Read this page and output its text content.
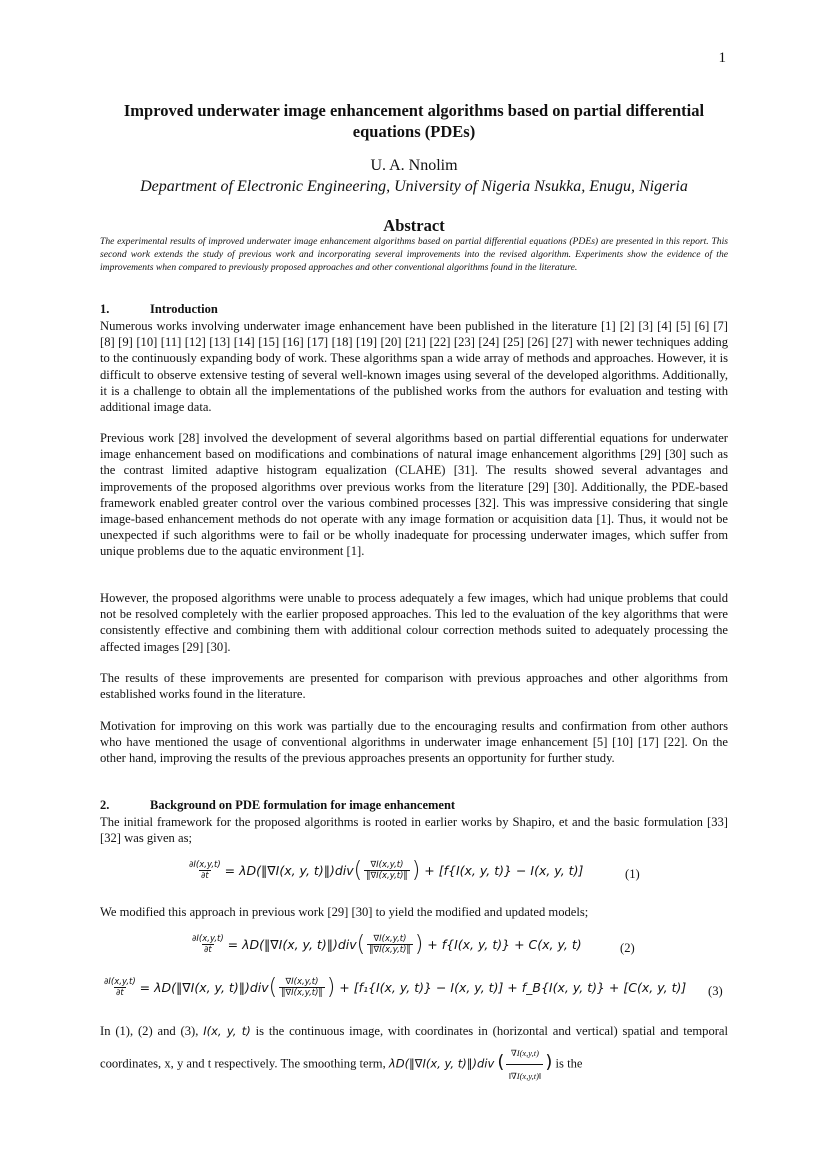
1
Improved underwater image enhancement algorithms based on partial differential equations (PDEs)
U. A. Nnolim
Department of Electronic Engineering, University of Nigeria Nsukka, Enugu, Nigeria
Abstract
The experimental results of improved underwater image enhancement algorithms based on partial differential equations (PDEs) are presented in this report. This second work extends the study of previous work and incorporating several improvements into the revised algorithm. Experiments show the evidence of the improvements when compared to previously proposed approaches and other conventional algorithms found in the literature.
1.	Introduction
Numerous works involving underwater image enhancement have been published in the literature [1] [2] [3] [4] [5] [6] [7] [8] [9] [10] [11] [12] [13] [14] [15] [16] [17] [18] [19] [20] [21] [22] [23] [24] [25] [26] [27] with newer techniques adding to the continuously expanding body of work. These algorithms span a wide array of methods and approaches. However, it is difficult to observe extensive testing of several well-known images using several of the developed algorithms. Additionally, it is a challenge to obtain all the implementations of the published works from the authors for evaluation and testing with additional image data.
Previous work [28] involved the development of several algorithms based on partial differential equations for underwater image enhancement based on modifications and combinations of natural image enhancement algorithms [29] [30] such as the contrast limited adaptive histogram equalization (CLAHE) [31]. The results showed several advantages and improvements of the proposed algorithms over previous works from the literature [29] [30]. Additionally, the PDE-based framework enabled greater control over the various combined processes [32]. This was impressive considering that single image-based enhancement methods do not operate with any image formation or acquisition data [1]. Thus, it would not be unexpected if such algorithms were to fail or be wholly inadequate for processing underwater images, which suffer from unique problems due to the aquatic environment [1].
However, the proposed algorithms were unable to process adequately a few images, which had unique problems that could not be resolved completely with the earlier proposed approaches. This led to the evaluation of the key algorithms that were consistently effective and combining them with additional colour correction methods suited to adequately processing the affected images [29] [30].
The results of these improvements are presented for comparison with previous approaches and other algorithms from established works found in the literature.
Motivation for improving on this work was partially due to the encouraging results and confirmation from other authors who have mentioned the usage of conventional algorithms in underwater image enhancement [5] [10] [17] [22]. On the other hand, improving the results of the previous approaches presents an opportunity for further study.
2.	Background on PDE formulation for image enhancement
The initial framework for the proposed algorithms is rooted in earlier works by Shapiro, et and the basic formulation [33] [32] was given as;
$\frac{\partial I(x,y,t)}{\partial t}$ = λD(‖∇I(x, y, t)‖)div ( $\frac{\nabla I(x,y,t)}{‖\nabla I(x,y,t)‖}$ ) + [f{I(x, y, t)} − I(x, y, t)]	(1)
We modified this approach in previous work [29] [30] to yield the modified and updated models;
$\frac{\partial I(x,y,t)}{\partial t}$ = λD(‖∇I(x, y, t)‖)div ( $\frac{\nabla I(x,y,t)}{‖\nabla I(x,y,t)‖}$ ) + f{I(x, y, t)} + C(x, y, t)	(2)
$\frac{\partial I(x,y,t)}{\partial t}$ = λD(‖∇I(x, y, t)‖)div ( $\frac{\nabla I(x,y,t)}{‖\nabla I(x,y,t)‖}$ ) + [f₁{I(x, y, t)} − I(x, y, t)] + f_B{I(x, y, t)} + [C(x, y, t)] (3)
In (1), (2) and (3), I(x, y, t) is the continuous image, with coordinates in (horizontal and vertical) spatial and temporal coordinates, x, y and t respectively. The smoothing term, λD(‖∇I(x, y, t)‖)div ( $\frac{\nabla I(x,y,t)}{‖\nabla I(x,y,t)‖}$ ) is the
